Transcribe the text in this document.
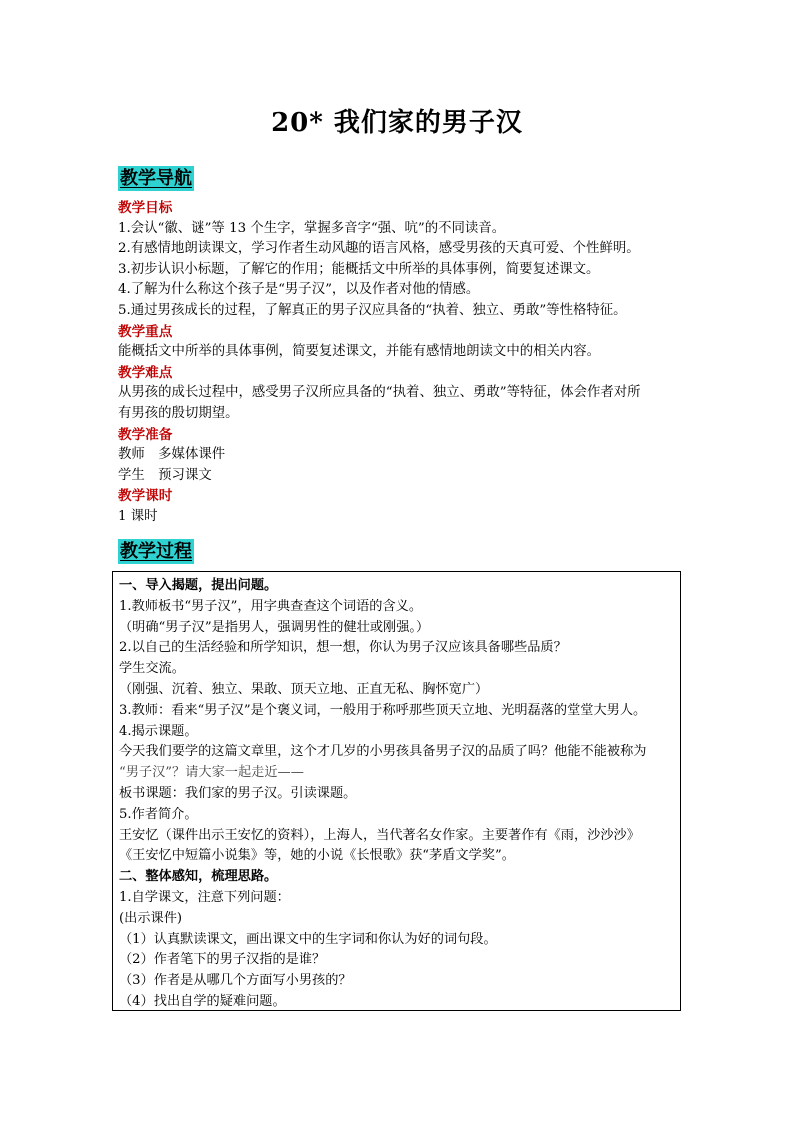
20* 我们家的男子汉
教学导航
教学目标
1.会认“徽、谜”等 13 个生字，掌握多音字“强、吭”的不同读音。
2.有感情地朗读课文，学习作者生动风趣的语言风格，感受男孩的天真可爱、个性鲜明。
3.初步认识小标题，了解它的作用；能概括文中所举的具体事例，简要复述课文。
4.了解为什么称这个孩子是“男子汉”，以及作者对他的情感。
5.通过男孩成长的过程，了解真正的男子汉应具备的“执着、独立、勇敢”等性格特征。
教学重点
能概括文中所举的具体事例，简要复述课文，并能有感情地朗读文中的相关内容。
教学难点
从男孩的成长过程中，感受男子汉所应具备的“执着、独立、勇敢”等特征，体会作者对所
有男孩的殷切期望。
教学准备
教师　多媒体课件
学生　预习课文
教学课时
1 课时
教学过程
一、导入揭题，提出问题。
1.教师板书“男子汉”，用字典查查这个词语的含义。
（明确“男子汉”是指男人，强调男性的健壮或刚强。）
2.以自己的生活经验和所学知识，想一想，你认为男子汉应该具备哪些品质？
学生交流。
（刚强、沉着、独立、果敢、顶天立地、正直无私、胸怀宽广）
3.教师：看来“男子汉”是个褒义词，一般用于称呼那些顶天立地、光明磊落的堂堂大男人。
4.揭示课题。
今天我们要学的这篇文章里，这个才几岁的小男孩具备男子汉的品质了吗？他能不能被称为
“男子汉”？请大家一起走近——
板书课题：我们家的男子汉。引读课题。
5.作者简介。
王安忆（课件出示王安忆的资料），上海人，当代著名女作家。主要著作有《雨，沙沙沙》
《王安忆中短篇小说集》等，她的小说《长恨歌》获“茅盾文学奖”。
二、整体感知，梳理思路。
1.自学课文，注意下列问题：
(出示课件)
（1）认真默读课文，画出课文中的生字词和你认为好的词句段。
（2）作者笔下的男子汉指的是谁？
（3）作者是从哪几个方面写小男孩的？
（4）找出自学的疑难问题。
